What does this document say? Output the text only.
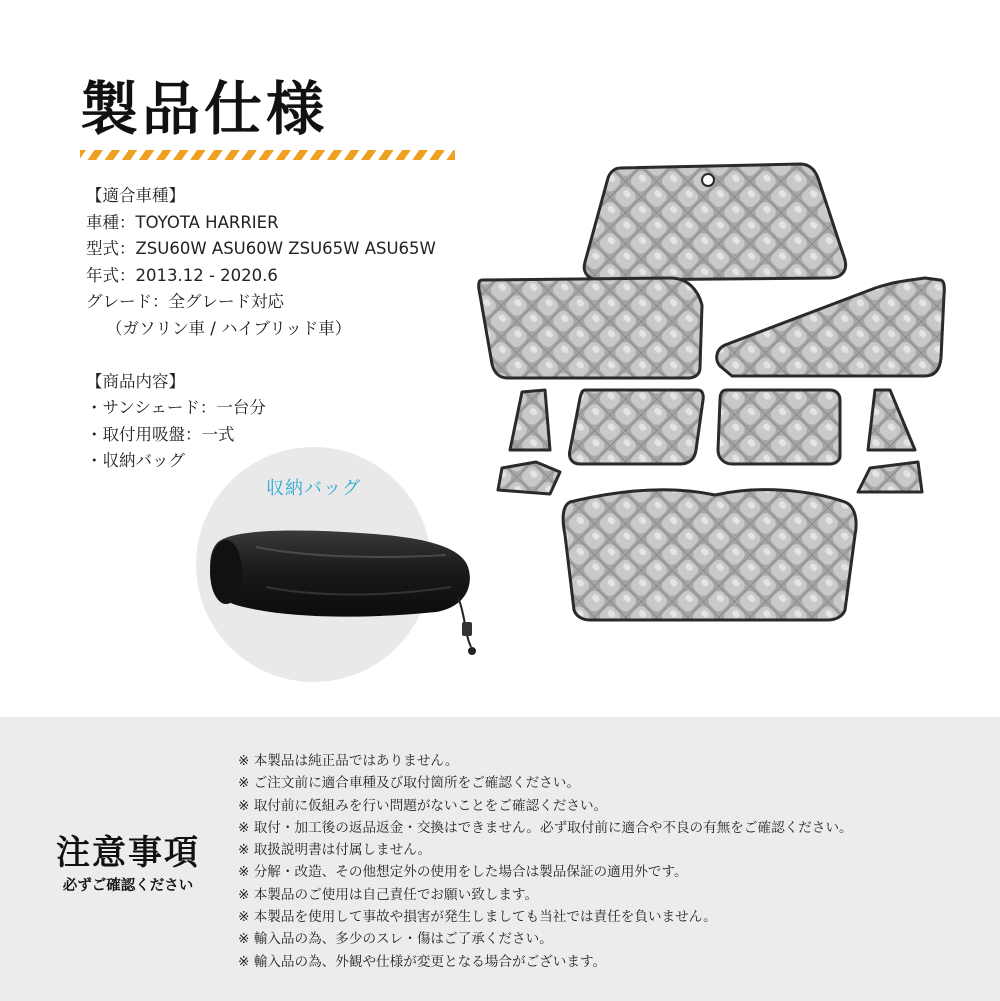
製品仕様
【適合車種】
車種：TOYOTA HARRIER
型式：ZSU60W ASU60W ZSU65W ASU65W
年式：2013.12 - 2020.6
グレード：全グレード対応
（ガソリン車 / ハイブリッド車）
【商品内容】
・サンシェード：一台分
・取付用吸盤：一式
・収納バッグ
収納バッグ
注意事項
必ずご確認ください
※ 本製品は純正品ではありません。
※ ご注文前に適合車種及び取付箇所をご確認ください。
※ 取付前に仮組みを行い問題がないことをご確認ください。
※ 取付・加工後の返品返金・交換はできません。必ず取付前に適合や不良の有無をご確認ください。
※ 取扱説明書は付属しません。
※ 分解・改造、その他想定外の使用をした場合は製品保証の適用外です。
※ 本製品のご使用は自己責任でお願い致します。
※ 本製品を使用して事故や損害が発生しましても当社では責任を負いません。
※ 輸入品の為、多少のスレ・傷はご了承ください。
※ 輸入品の為、外観や仕様が変更となる場合がございます。
